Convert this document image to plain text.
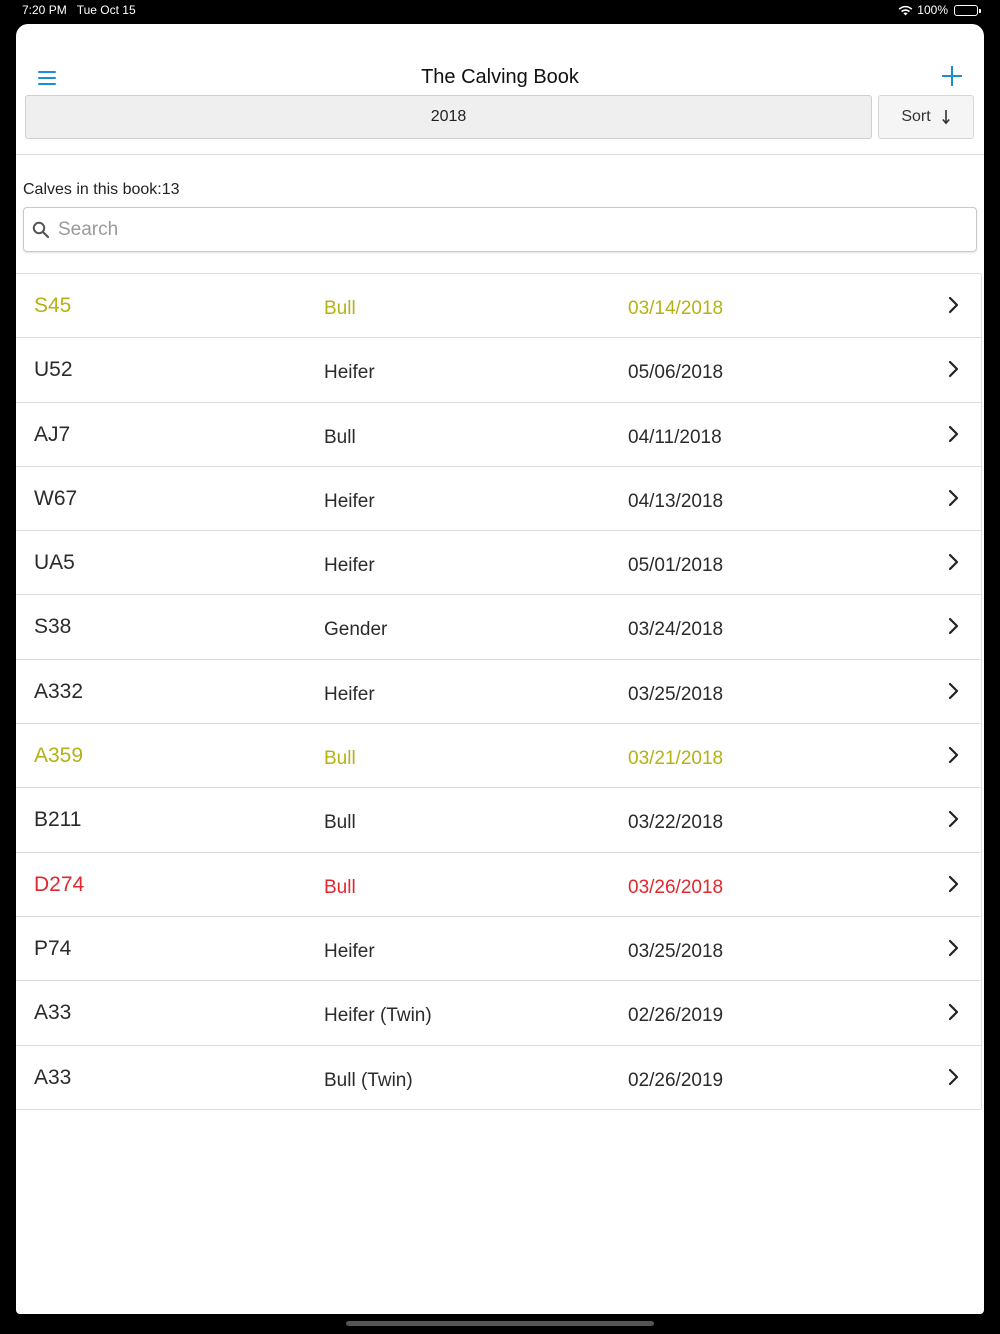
7:20 PM Tue Oct 15	100%
The Calving Book
2018	Sort
Calves in this book:13
Search
S45	Bull	03/14/2018
U52	Heifer	05/06/2018
AJ7	Bull	04/11/2018
W67	Heifer	04/13/2018
UA5	Heifer	05/01/2018
S38	Gender	03/24/2018
A332	Heifer	03/25/2018
A359	Bull	03/21/2018
B211	Bull	03/22/2018
D274	Bull	03/26/2018
P74	Heifer	03/25/2018
A33	Heifer (Twin)	02/26/2019
A33	Bull (Twin)	02/26/2019
